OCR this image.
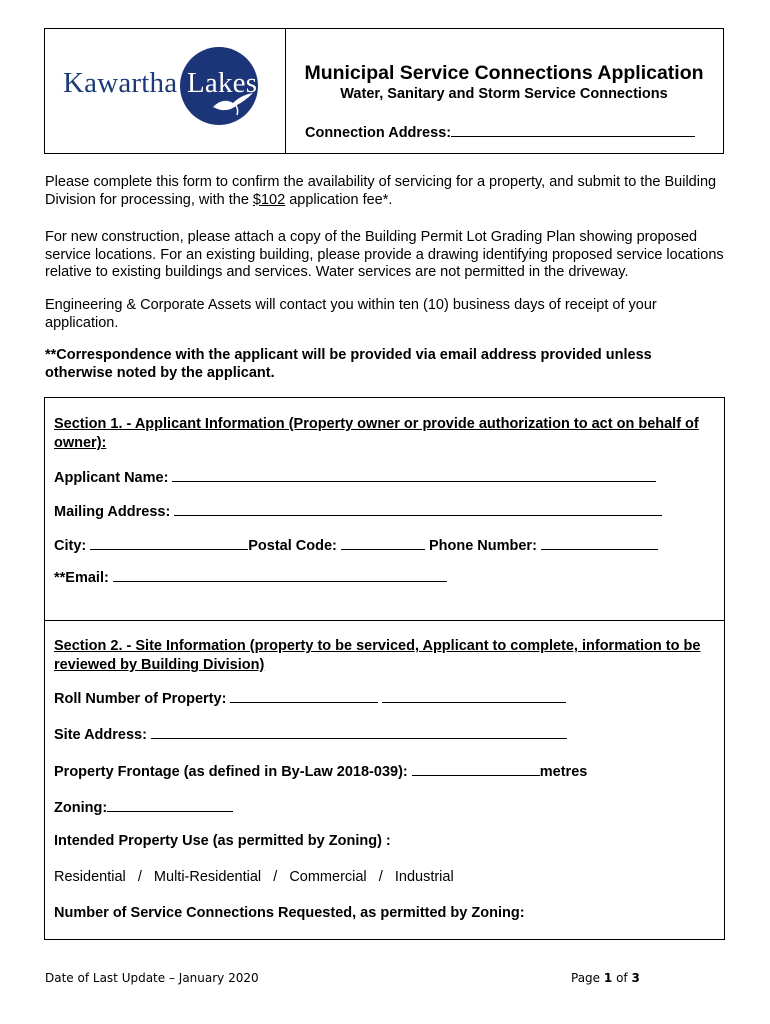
Kawartha Lakes	Municipal Service Connections Application
Water, Sanitary and Storm Service Connections
Connection Address:
Please complete this form to confirm the availability of servicing for a property, and submit to the Building Division for processing, with the $102 application fee*.
For new construction, please attach a copy of the Building Permit Lot Grading Plan showing proposed service locations. For an existing building, please provide a drawing identifying proposed service locations relative to existing buildings and services. Water services are not permitted in the driveway.
Engineering & Corporate Assets will contact you within ten (10) business days of receipt of your application.
**Correspondence with the applicant will be provided via email address provided unless otherwise noted by the applicant.
Section 1. - Applicant Information (Property owner or provide authorization to act on behalf of owner):
Applicant Name:
Mailing Address:
City:	Postal Code:	Phone Number:
**Email:
Section 2. - Site Information (property to be serviced, Applicant to complete, information to be reviewed by Building Division)
Roll Number of Property:
Site Address:
Property Frontage (as defined in By-Law 2018-039):	metres
Zoning:
Intended Property Use (as permitted by Zoning) :
Residential   /   Multi-Residential   /   Commercial   /   Industrial
Number of Service Connections Requested, as permitted by Zoning:
Date of Last Update – January 2020	Page 1 of 3
